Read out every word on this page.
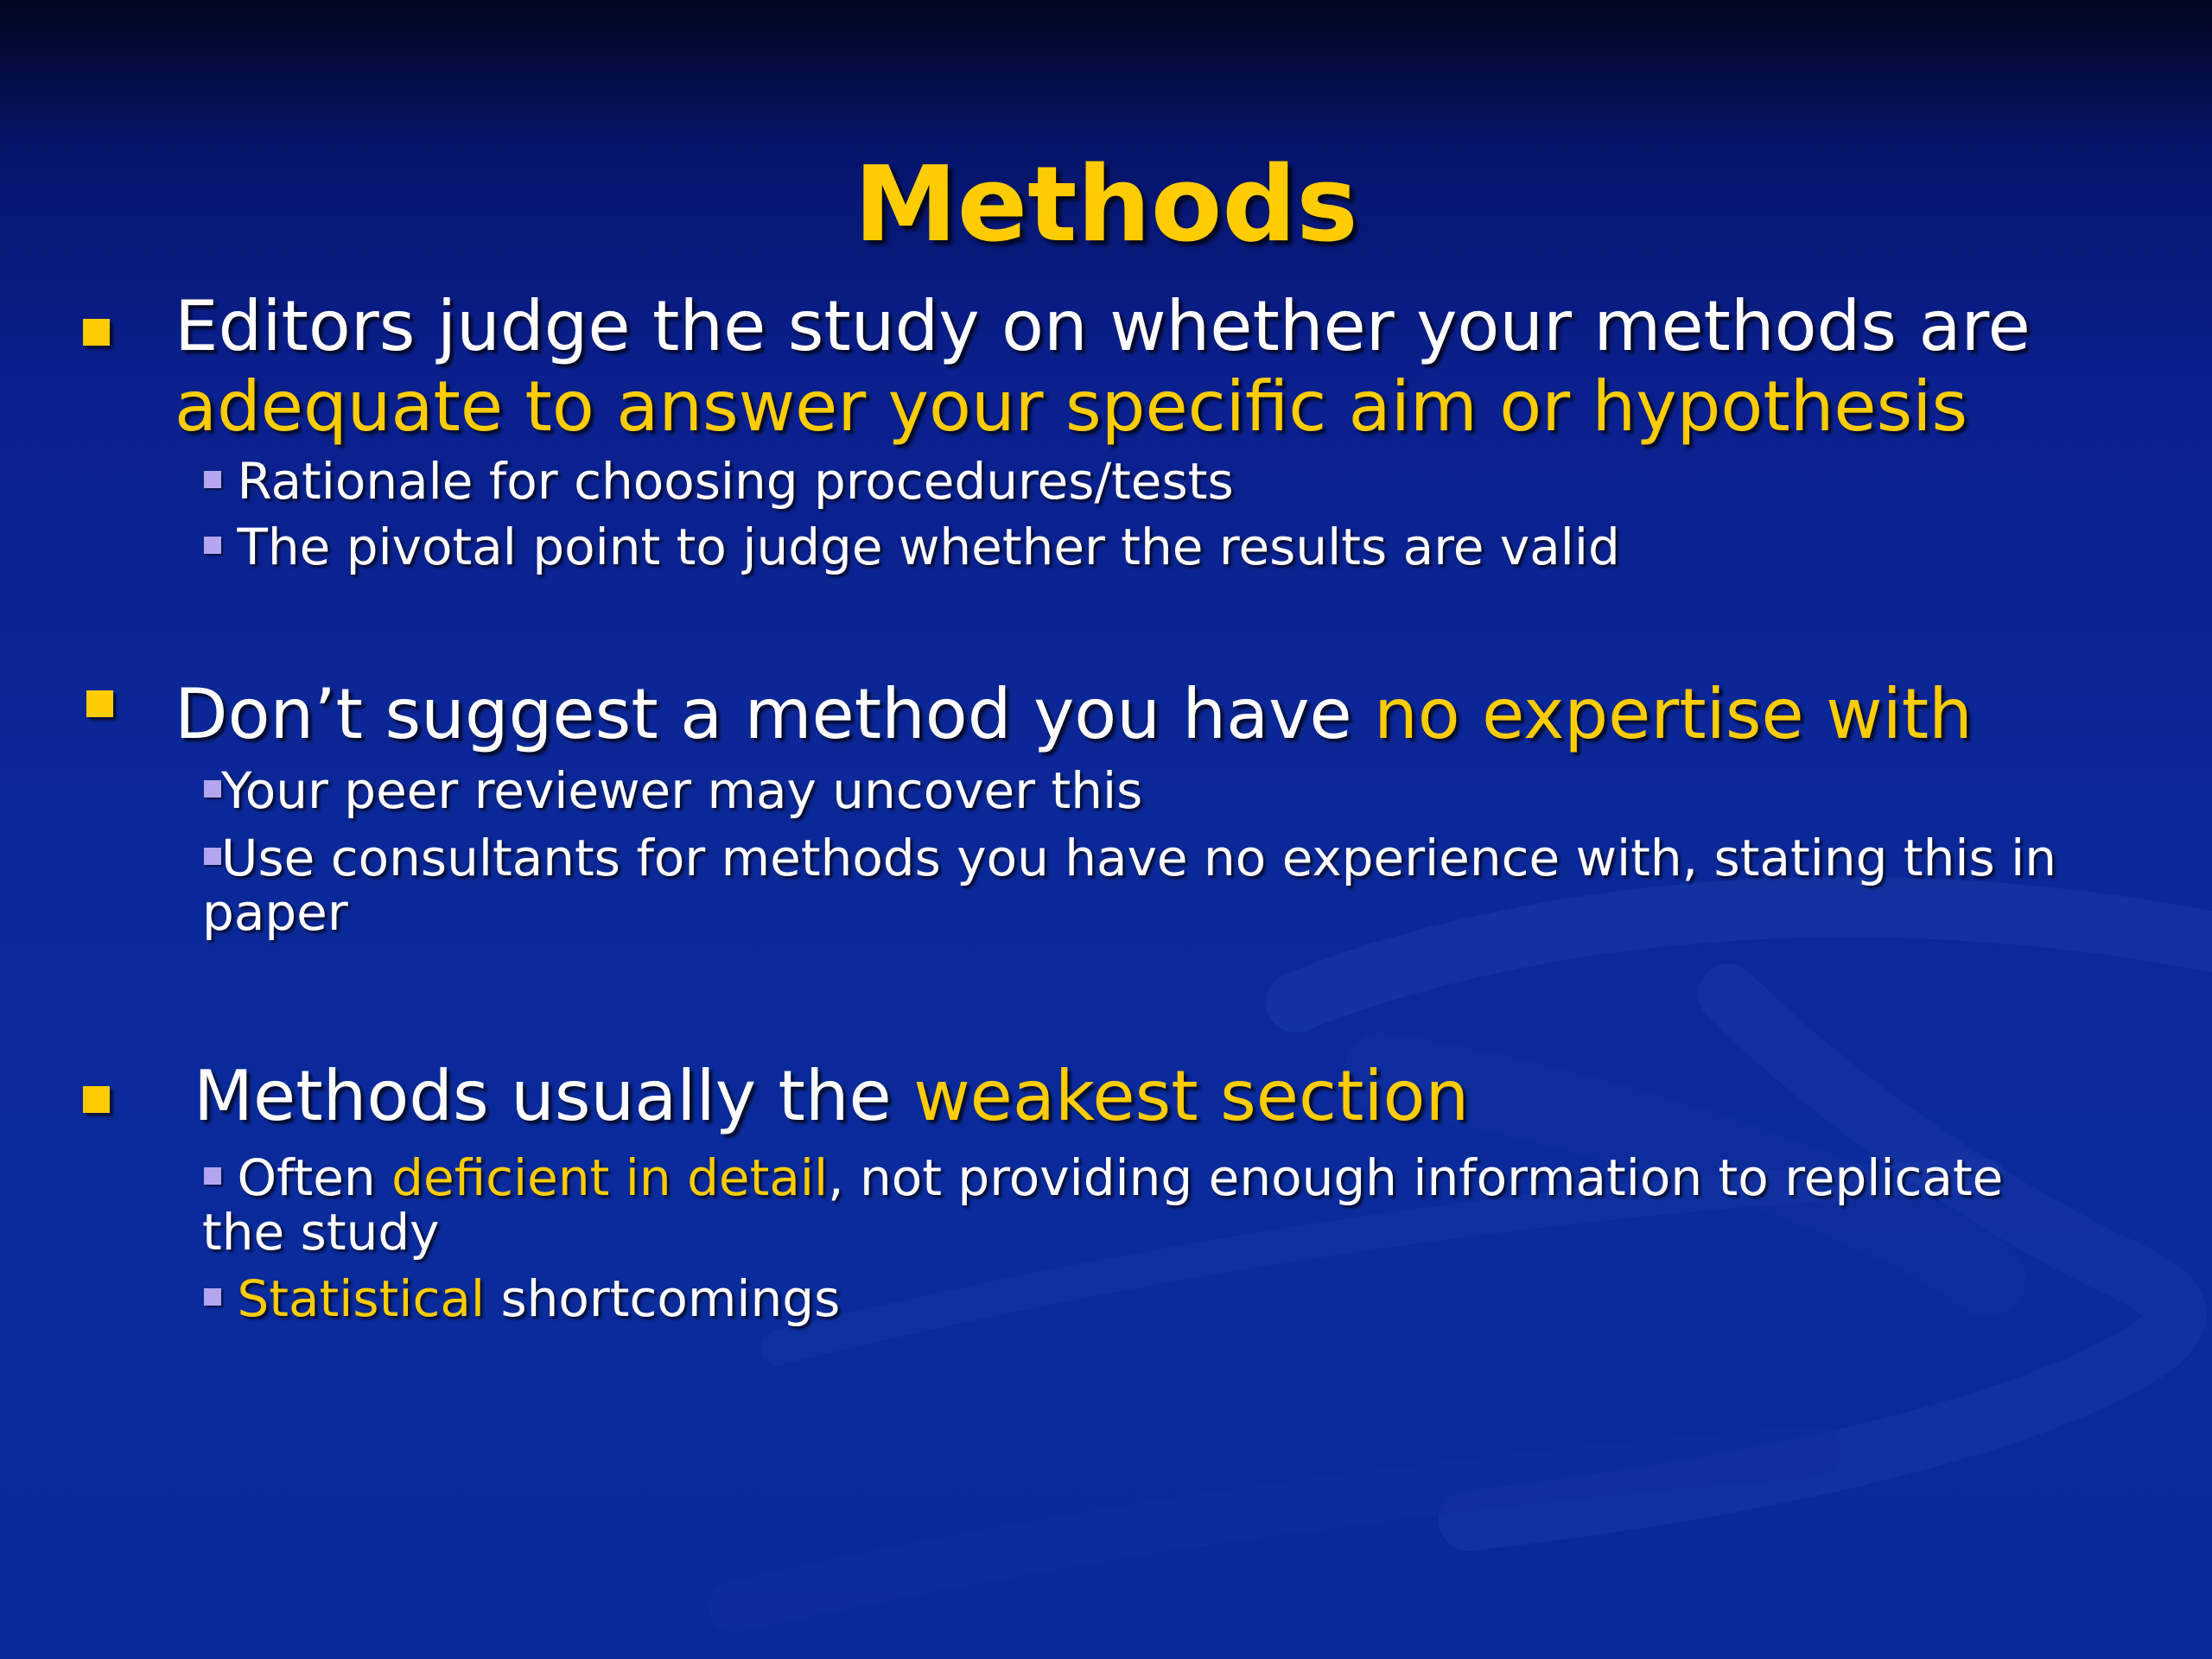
Methods
Editors judge the study on whether your methods are
adequate to answer your specific aim or hypothesis
Rationale for choosing procedures/tests
The pivotal point to judge whether the results are valid
Don’t suggest a method you have no expertise with
Your peer reviewer may uncover this
Use consultants for methods you have no experience with, stating this in
paper
Methods usually the weakest section
Often deficient in detail, not providing enough information to replicate
the study
Statistical shortcomings
